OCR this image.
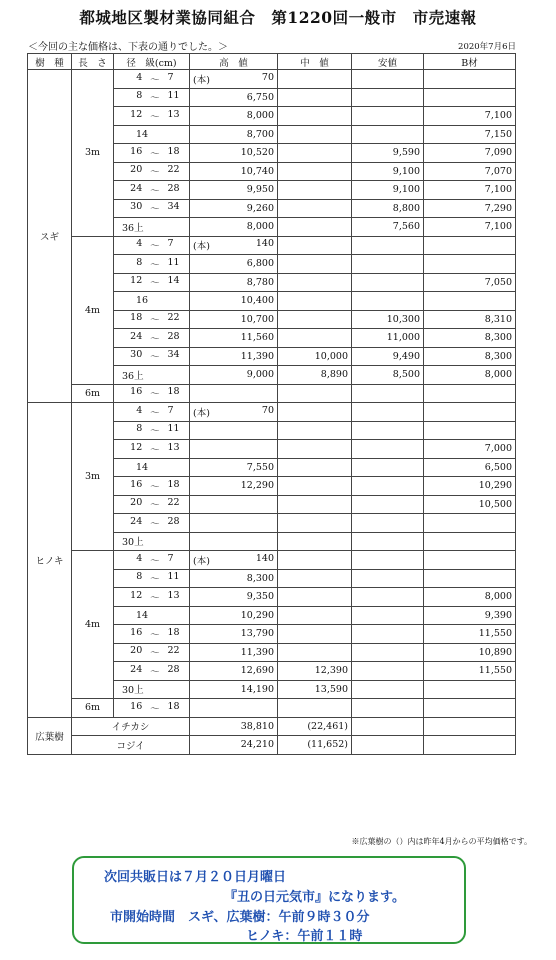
都城地区製材業協同組合　第1220回一般市　市売速報
＜今回の主な価格は、下表の通りでした。＞	2020年7月6日
樹　種	長　さ	径　級(cm)	高　値	中　値	安値	B材
スギ	3m	4 ～ 7	(本) 70			

		8 ～ 11	6,750			

		12 ～ 13	8,000			7,100
		14	8,700			7,150

		16 ～ 18	10,520		9,590	7,090

		20 ～ 22	10,740		9,100	7,070

		24 ～ 28	9,950		9,100	7,100

		30 ～ 34	9,260		8,800	7,290
		36上	8,000		7,560	7,100
	4m	4 ～ 7	(本) 140			

		8 ～ 11	6,800			

		12 ～ 14	8,780			7,050
		16	10,400			

		18 ～ 22	10,700		10,300	8,310

		24 ～ 28	11,560		11,000	8,300

		30 ～ 34	11,390	10,000	9,490	8,300
		36上	9,000	8,890	8,500	8,000
	6m	16 ～ 18				

ヒノキ	3m	4 ～ 7	(本) 70			

		8 ～ 11				

		12 ～ 13				7,000
		14	7,550			6,500

		16 ～ 18	12,290			10,290

		20 ～ 22				10,500

		24 ～ 28				

		30上				
	4m	4 ～ 7	(本) 140			

		8 ～ 11	8,300			

		12 ～ 13	9,350			8,000
		14	10,290			9,390

		16 ～ 18	13,790			11,550

		20 ～ 22	11,390			10,890

		24 ～ 28	12,690	12,390		11,550
		30上	14,190	13,590		
	6m	16 ～ 18				

広葉樹	イチカシ		38,810	(22,461)		
	コジイ		24,210	(11,652)		
※広葉樹の（）内は昨年4月からの平均価格です。
次回共販日は７月２０日月曜日
『丑の日元気市』になります。
市開始時間　スギ、広葉樹：午前９時３０分
ヒノキ：午前１１時
